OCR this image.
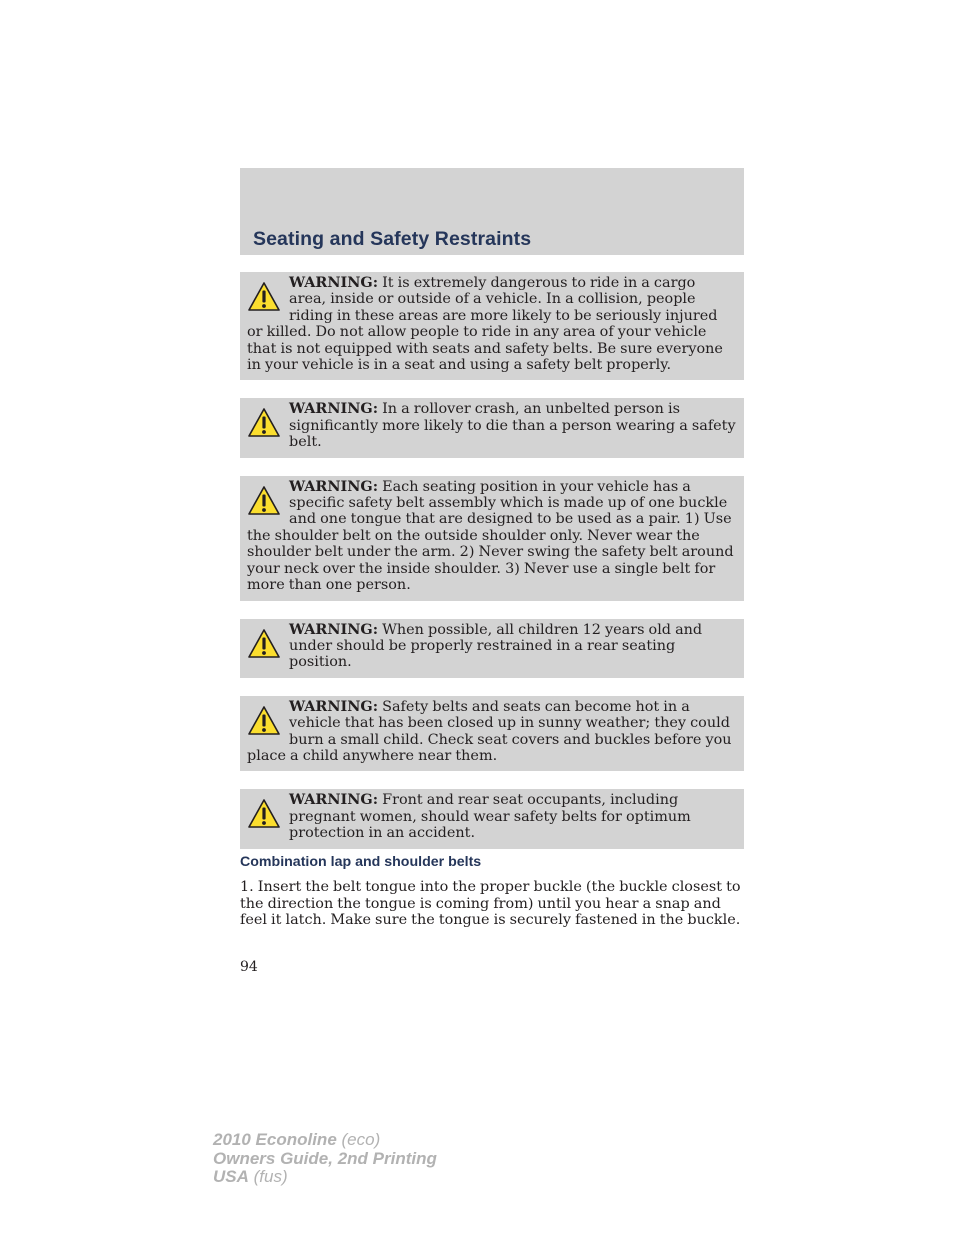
Seating and Safety Restraints

WARNING: It is extremely dangerous to ride in a cargo area, inside or outside of a vehicle. In a collision, people riding in these areas are more likely to be seriously injured or killed. Do not allow people to ride in any area of your vehicle that is not equipped with seats and safety belts. Be sure everyone in your vehicle is in a seat and using a safety belt properly.

WARNING: In a rollover crash, an unbelted person is significantly more likely to die than a person wearing a safety belt.

WARNING: Each seating position in your vehicle has a specific safety belt assembly which is made up of one buckle and one tongue that are designed to be used as a pair. 1) Use the shoulder belt on the outside shoulder only. Never wear the shoulder belt under the arm. 2) Never swing the safety belt around your neck over the inside shoulder. 3) Never use a single belt for more than one person.

WARNING: When possible, all children 12 years old and under should be properly restrained in a rear seating position.

WARNING: Safety belts and seats can become hot in a vehicle that has been closed up in sunny weather; they could burn a small child. Check seat covers and buckles before you place a child anywhere near them.

WARNING: Front and rear seat occupants, including pregnant women, should wear safety belts for optimum protection in an accident.

Combination lap and shoulder belts

1. Insert the belt tongue into the proper buckle (the buckle closest to the direction the tongue is coming from) until you hear a snap and feel it latch. Make sure the tongue is securely fastened in the buckle.

94

2010 Econoline (eco)
Owners Guide, 2nd Printing
USA (fus)
